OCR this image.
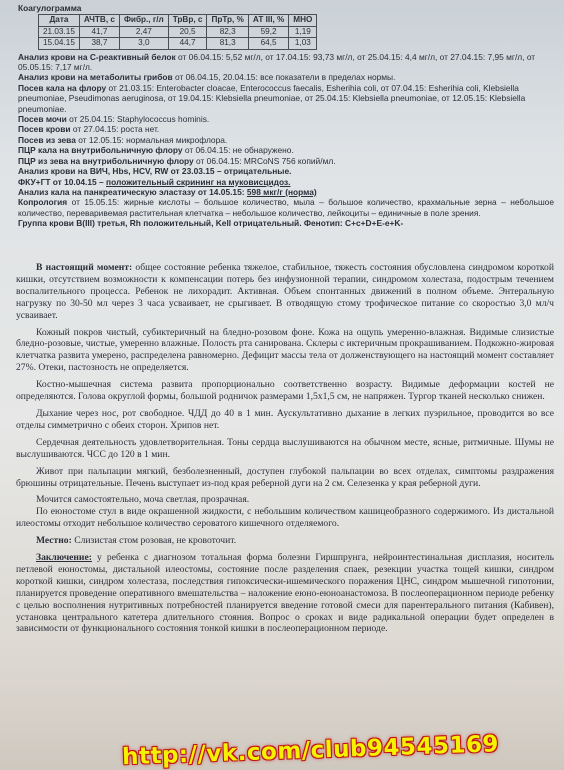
Коагулограмма

Дата	АЧТВ, с	Фибр., г/л	ТрВр, с	ПрТр, %	АТ III, %	МНО
21.03.15	41,7	2,47	20,5	82,3	59,2	1,19
15.04.15	38,7	3,0	44,7	81,3	64,5	1,03

Анализ крови на С-реактивный белок от 06.04.15: 5,52 мг/л, от 17.04.15: 93,73 мг/л, от 25.04.15: 4,4 мг/л, от 27.04.15: 7,95 мг/л, от 05.05.15: 7,17 мг/л.

Анализ крови на метаболиты грибов от 06.04.15, 20.04.15: все показатели в пределах нормы.

Посев кала на флору от 21.03.15: Enterobacter cloacae, Enterococcus faecalis, Esherihia coli, от 07.04.15: Esherihia coli, Klebsiella pneumoniae, Pseudimonas aeruginosa, от 19.04.15: Klebsiella pneumoniae, от 25.04.15: Klebsiella pneumoniae, от 12.05.15: Klebsiella pneumoniae.

Посев мочи от 25.04.15: Staphylococcus hominis.

Посев крови от 27.04.15: роста нет.

Посев из зева от 12.05.15: нормальная микрофлора.

ПЦР кала на внутрибольничную флору от 06.04.15: не обнаружено.

ПЦР из зева на внутрибольничную флору от 06.04.15: MRCoNS 756 копий/мл.

Анализ крови на ВИЧ, Hbs, HCV, RW от 23.03.15 – отрицательные.

ФКУ+ГТ от 10.04.15 – положительный скрининг на муковисцидоз.

Анализ кала на панкреатическую эластазу от 14.05.15: 598 мкг/г (норма)

Копрология от 15.05.15: жирные кислоты – большое количество, мыла – большое количество, крахмальные зерна – небольшое количество, переваривемая растительная клетчатка – небольшое количество, лейкоциты – единичные в поле зрения.

Группа крови В(III) третья, Rh положительный, Kell отрицательный. Фенотип: C+c+D+E-e+K-

В настоящий момент: общее состояние ребенка тяжелое, стабильное, тяжесть состояния обусловлена синдромом короткой кишки, отсутствием возможности к компенсации потерь без инфузионной терапии, синдромом холестаза, подострым течением воспалительного процесса. Ребенок не лихорадит. Активная. Объем спонтанных движений в полном объеме. Энтеральную нагрузку по 30-50 мл через 3 часа усваивает, не срыгивает. В отводящую стому трофическое питание со скоростью 3,0 мл/ч усваивает.

Кожный покров чистый, субиктеричный на бледно-розовом фоне. Кожа на ощупь умеренно-влажная. Видимые слизистые бледно-розовые, чистые, умеренно влажные. Полость рта санирована. Склеры с иктеричным прокрашиванием. Подкожно-жировая клетчатка развита умерено, распределена равномерно. Дефицит массы тела от долженствующего на настоящий момент составляет 27%. Отеки, пастозность не определяется.

Костно-мышечная система развита пропорционально соответственно возрасту. Видимые деформации костей не определяются. Голова округлой формы, большой родничок размерами 1,5х1,5 см, не напряжен. Тургор тканей несколько снижен.

Дыхание через нос, рот свободное. ЧДД до 40 в 1 мин. Аускультативно дыхание в легких пуэрильное, проводится во все отделы симметрично с обеих сторон. Хрипов нет.

Сердечная деятельность удовлетворительная. Тоны сердца выслушиваются на обычном месте, ясные, ритмичные. Шумы не выслушиваются. ЧСС до 120 в 1 мин.

Живот при пальпации мягкий, безболезненный, доступен глубокой пальпации во всех отделах, симптомы раздражения брюшины отрицательные. Печень выступает из-под края реберной дуги на 2 см. Селезенка у края реберной дуги.

Мочится самостоятельно, моча светлая, прозрачная.

По еюностоме стул в виде окрашенной жидкости, с небольшим количеством кашицеобразного содержимого. Из дистальной илеостомы отходит небольшое количество сероватого кишечного отделяемого.

Местно: Слизистая стом розовая, не кровоточит.

Заключение: у ребенка с диагнозом тотальная форма болезни Гиршпрунга, нейроинтестинальная дисплазия, носитель петлевой еюностомы, дистальной илеостомы, состояние после разделения спаек, резекции участка тощей кишки, синдром короткой кишки, синдром холестаза, последствия гипоксически-ишемического поражения ЦНС, синдром мышечной гипотонии, планируется проведение оперативного вмешательства – наложение еюно-еюноанастомоза. В послеоперационном периоде ребенку с целью восполнения нутритивных потребностей планируется введение готовой смеси для парентерального питания (Кабивен), установка центрального катетера длительного стояния. Вопрос о сроках и виде радикальной операции будет определен в зависимости от функционального состояния тонкой кишки в послеоперационном периоде.

http://vk.com/club94545169
